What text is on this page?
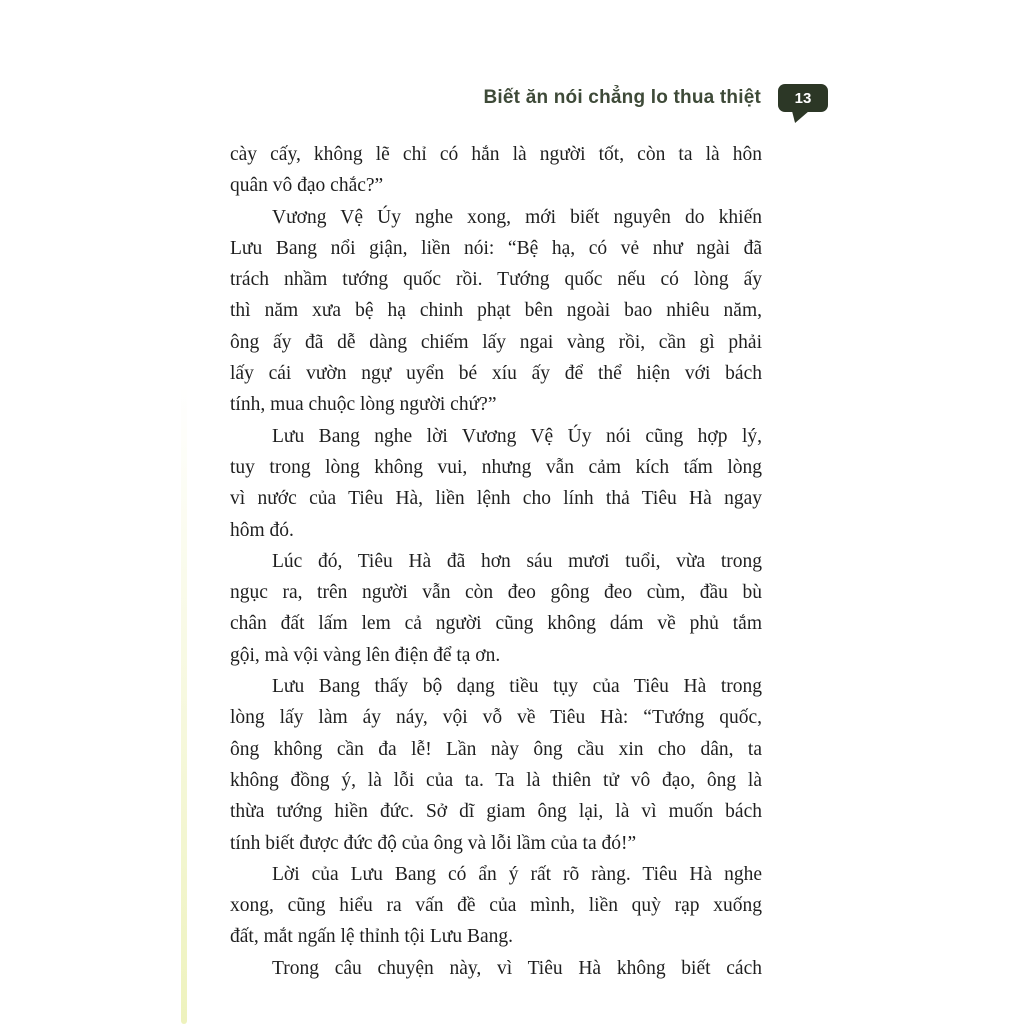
Biết ăn nói chẳng lo thua thiệt 13
cày cấy, không lẽ chỉ có hắn là người tốt, còn ta là hôn
quân vô đạo chắc?”
Vương Vệ Úy nghe xong, mới biết nguyên do khiến
Lưu Bang nổi giận, liền nói: “Bệ hạ, có vẻ như ngài đã
trách nhầm tướng quốc rồi. Tướng quốc nếu có lòng ấy
thì năm xưa bệ hạ chinh phạt bên ngoài bao nhiêu năm,
ông ấy đã dễ dàng chiếm lấy ngai vàng rồi, cần gì phải
lấy cái vườn ngự uyển bé xíu ấy để thể hiện với bách
tính, mua chuộc lòng người chứ?”
Lưu Bang nghe lời Vương Vệ Úy nói cũng hợp lý,
tuy trong lòng không vui, nhưng vẫn cảm kích tấm lòng
vì nước của Tiêu Hà, liền lệnh cho lính thả Tiêu Hà ngay
hôm đó.
Lúc đó, Tiêu Hà đã hơn sáu mươi tuổi, vừa trong
ngục ra, trên người vẫn còn đeo gông đeo cùm, đầu bù
chân đất lấm lem cả người cũng không dám về phủ tắm
gội, mà vội vàng lên điện để tạ ơn.
Lưu Bang thấy bộ dạng tiều tụy của Tiêu Hà trong
lòng lấy làm áy náy, vội vỗ về Tiêu Hà: “Tướng quốc,
ông không cần đa lễ! Lần này ông cầu xin cho dân, ta
không đồng ý, là lỗi của ta. Ta là thiên tử vô đạo, ông là
thừa tướng hiền đức. Sở dĩ giam ông lại, là vì muốn bách
tính biết được đức độ của ông và lỗi lầm của ta đó!”
Lời của Lưu Bang có ẩn ý rất rõ ràng. Tiêu Hà nghe
xong, cũng hiểu ra vấn đề của mình, liền quỳ rạp xuống
đất, mắt ngấn lệ thỉnh tội Lưu Bang.
Trong câu chuyện này, vì Tiêu Hà không biết cách
